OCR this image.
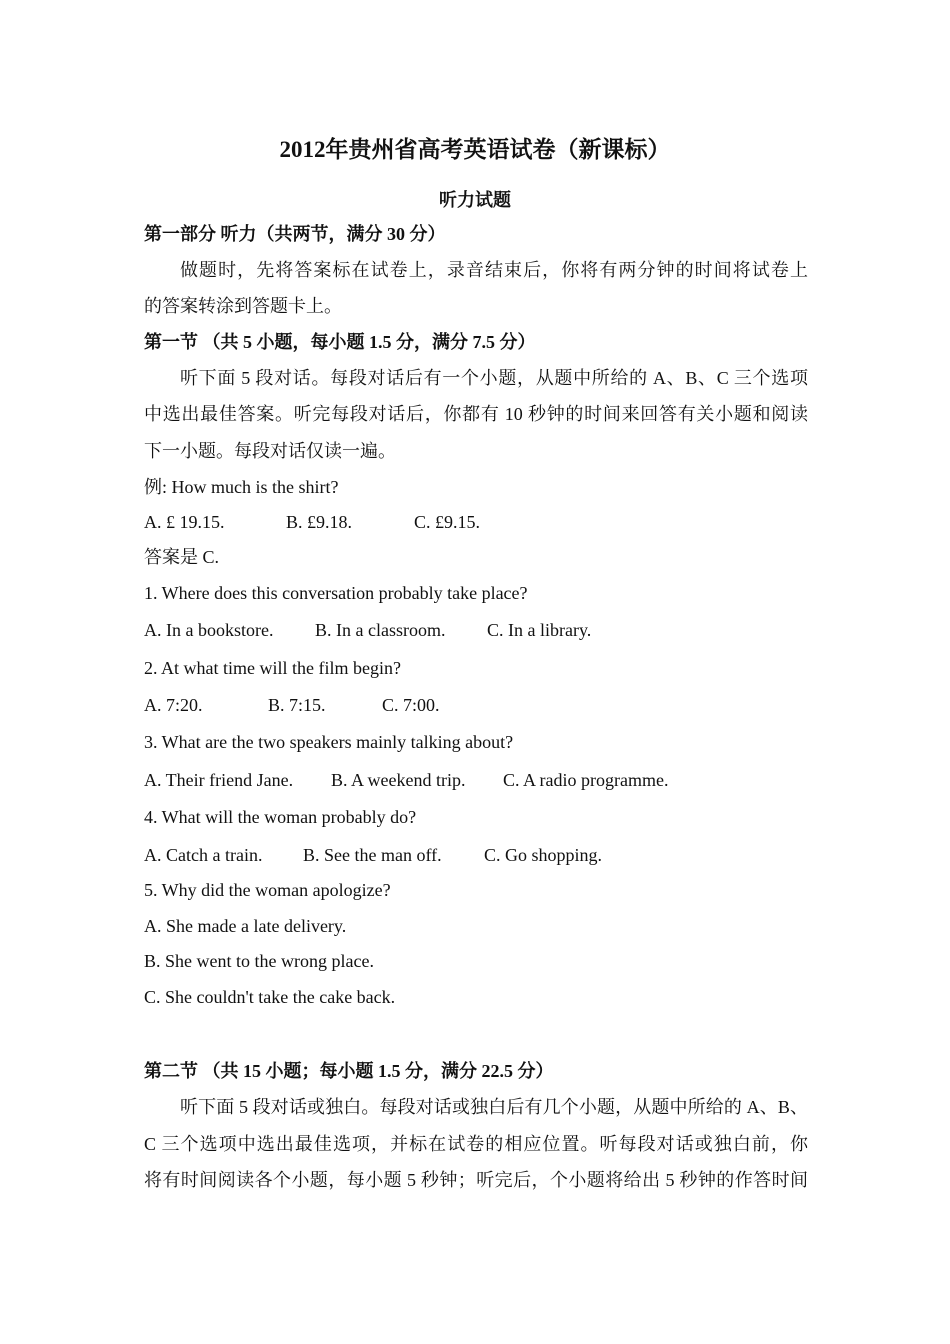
2012年贵州省高考英语试卷（新课标）
听力试题
第一部分 听力（共两节，满分 30 分）
做题时，先将答案标在试卷上，录音结束后，你将有两分钟的时间将试卷上
的答案转涂到答题卡上。
第一节 （共 5 小题，每小题 1.5 分，满分 7.5 分）
听下面 5 段对话。每段对话后有一个小题，从题中所给的 A、B、C 三个选项
中选出最佳答案。听完每段对话后，你都有 10 秒钟的时间来回答有关小题和阅读
下一小题。每段对话仅读一遍。
例: How much is the shirt?
A. £ 19.15.	B. £9.18.	C. £9.15.
答案是 C.
1. Where does this conversation probably take place?
A. In a bookstore. B. In a classroom. C. In a library.
2. At what time will the film begin?
A. 7:20.	B. 7:15.	C. 7:00.
3. What are the two speakers mainly talking about?
A. Their friend Jane. B. A weekend trip. C. A radio programme.
4. What will the woman probably do?
A. Catch a train. B. See the man off. C. Go shopping.
5. Why did the woman apologize?
A. She made a late delivery.
B. She went to the wrong place.
C. She couldn't take the cake back.
第二节 （共 15 小题；每小题 1.5 分，满分 22.5 分）
听下面 5 段对话或独白。每段对话或独白后有几个小题，从题中所给的 A、B、
C 三个选项中选出最佳选项，并标在试卷的相应位置。听每段对话或独白前，你
将有时间阅读各个小题，每小题 5 秒钟；听完后，个小题将给出 5 秒钟的作答时间
